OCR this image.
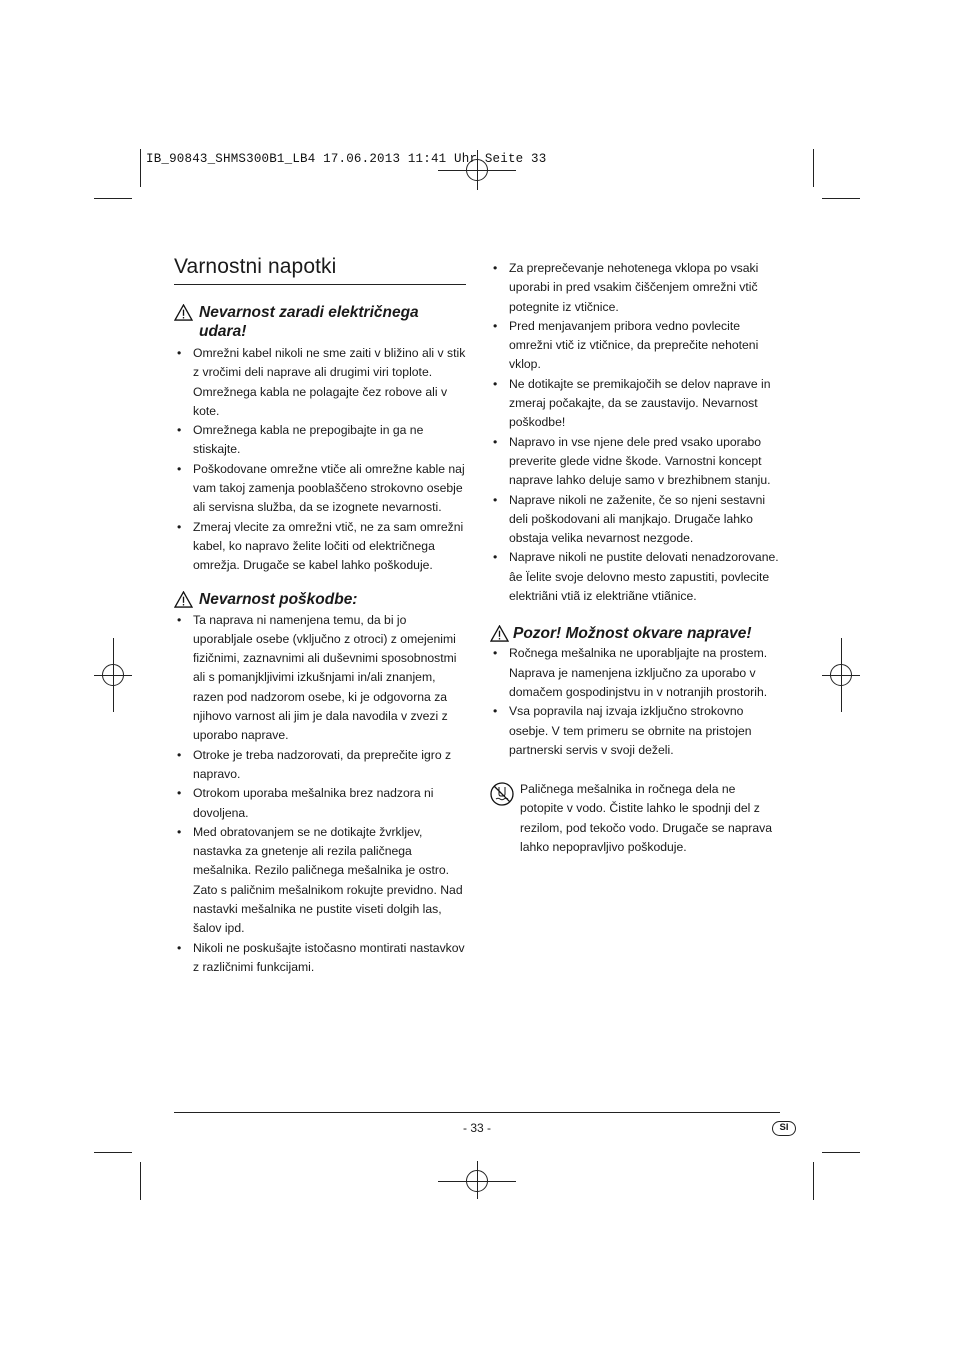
IB_90843_SHMS300B1_LB4 17.06.2013 11:41 Uhr Seite 33
Varnostni napotki
Nevarnost zaradi električnega udara!
• Omrežni kabel nikoli ne sme zaiti v bližino ali v stik z vročimi deli naprave ali drugimi viri toplote. Omrežnega kabla ne polagajte čez robove ali v kote.
• Omrežnega kabla ne prepogibajte in ga ne stiskajte.
• Poškodovane omrežne vtiče ali omrežne kable naj vam takoj zamenja pooblaščeno strokovno osebje ali servisna služba, da se izognete nevarnosti.
• Zmeraj vlecite za omrežni vtič, ne za sam omrežni kabel, ko napravo želite ločiti od električnega omrežja. Drugače se kabel lahko poškoduje.
Nevarnost poškodbe:
• Ta naprava ni namenjena temu, da bi jo uporabljale osebe (vključno z otroci) z omejenimi fizičnimi, zaznavnimi ali duševnimi sposobnostmi ali s pomanjkljivimi izkušnjami in/ali znanjem, razen pod nadzorom osebe, ki je odgovorna za njihovo varnost ali jim je dala navodila v zvezi z uporabo naprave.
• Otroke je treba nadzorovati, da preprečite igro z napravo.
• Otrokom uporaba mešalnika brez nadzora ni dovoljena.
• Med obratovanjem se ne dotikajte žvrkljev, nastavka za gnetenje ali rezila paličnega mešalnika. Rezilo paličnega mešalnika je ostro. Zato s paličnim mešalnikom rokujte previdno. Nad nastavki mešalnika ne pustite viseti dolgih las, šalov ipd.
• Nikoli ne poskušajte istočasno montirati nastavkov z različnimi funkcijami.
• Za preprečevanje nehotenega vklopa po vsaki uporabi in pred vsakim čiščenjem omrežni vtič potegnite iz vtičnice.
• Pred menjavanjem pribora vedno povlecite omrežni vtič iz vtičnice, da preprečite nehoteni vklop.
• Ne dotikajte se premikajočih se delov naprave in zmeraj počakajte, da se zaustavijo. Nevarnost poškodbe!
• Napravo in vse njene dele pred vsako uporabo preverite glede vidne škode. Varnostni koncept naprave lahko deluje samo v brezhibnem stanju.
• Naprave nikoli ne zaženite, če so njeni sestavni deli poškodovani ali manjkajo. Drugače lahko obstaja velika nevarnost nezgode.
• Naprave nikoli ne pustite delovati nenadzorovane. âe Ïelite svoje delovno mesto zapustiti, povlecite elektriãni vtiã iz elektriãne vtiãnice.
Pozor! Možnost okvare naprave!
• Ročnega mešalnika ne uporabljajte na prostem. Naprava je namenjena izključno za uporabo v domačem gospodinjstvu in v notranjih prostorih.
• Vsa popravila naj izvaja izključno strokovno osebje. V tem primeru se obrnite na pristojen partnerski servis v svoji deželi.
Paličnega mešalnika in ročnega dela ne potopite v vodo. Čistite lahko le spodnji del z rezilom, pod tekočo vodo. Drugače se naprava lahko nepopravljivo poškoduje.
- 33 -	SI
